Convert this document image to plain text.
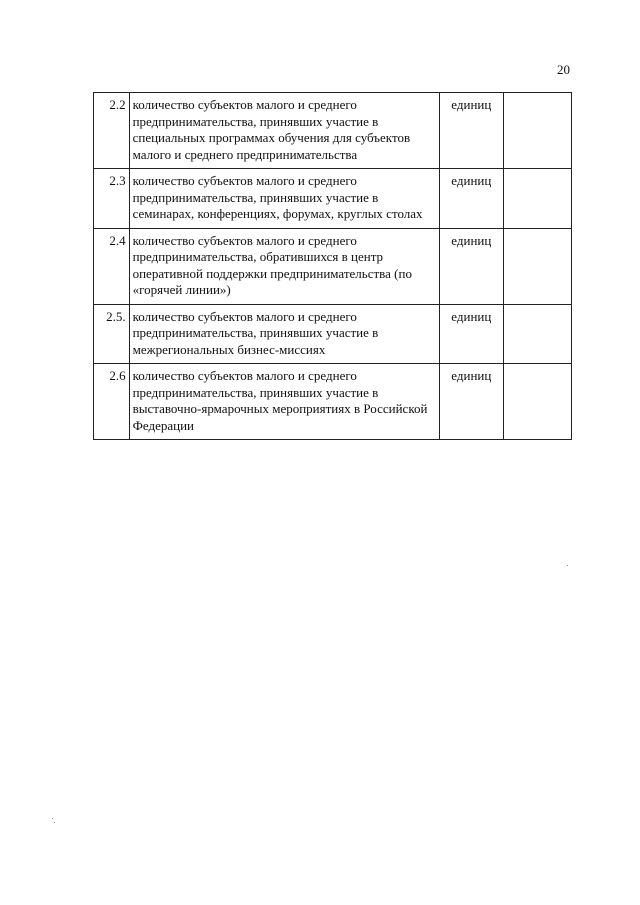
20
2.2	количество субъектов малого и среднего предпринимательства, принявших участие в специальных программах обучения для субъектов малого и среднего предпринимательства	единиц	
2.3	количество субъектов малого и среднего предпринимательства, принявших участие в семинарах, конференциях, форумах, круглых столах	единиц	
2.4	количество субъектов малого и среднего предпринимательства, обратившихся в центр оперативной поддержки предпринимательства (по «горячей линии»)	единиц	
2.5.	количество субъектов малого и среднего предпринимательства, принявших участие в межрегиональных бизнес-миссиях	единиц	
2.6	количество субъектов малого и среднего предпринимательства, принявших участие в выставочно-ярмарочных мероприятиях в Российской Федерации	единиц	
